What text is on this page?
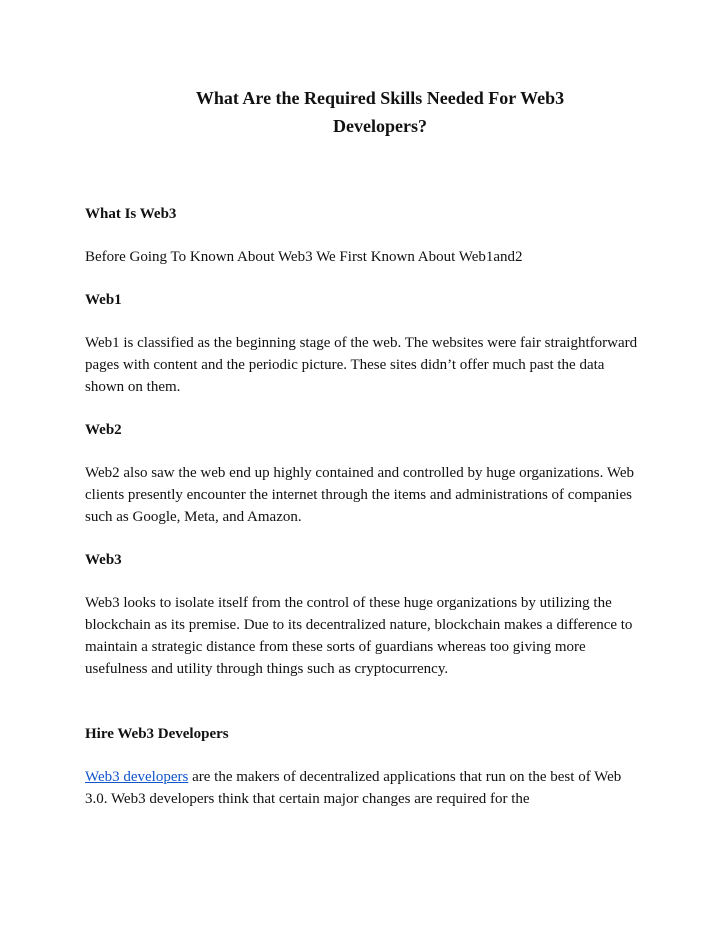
What Are the Required Skills Needed For Web3
Developers?
What Is Web3

Before Going To Known About Web3 We First Known About Web1and2

Web1

Web1 is classified as the beginning stage of the web. The websites were fair straightforward pages with content and the periodic picture. These sites didn’t offer much past the data shown on them.

Web2

Web2 also saw the web end up highly contained and controlled by huge organizations. Web clients presently encounter the internet through the items and administrations of companies such as Google, Meta, and Amazon.

Web3

Web3 looks to isolate itself from the control of these huge organizations by utilizing the blockchain as its premise. Due to its decentralized nature, blockchain makes a difference to maintain a strategic distance from these sorts of guardians whereas too giving more usefulness and utility through things such as cryptocurrency.

Hire Web3 Developers

Web3 developers are the makers of decentralized applications that run on the best of Web 3.0. Web3 developers think that certain major changes are required for the
